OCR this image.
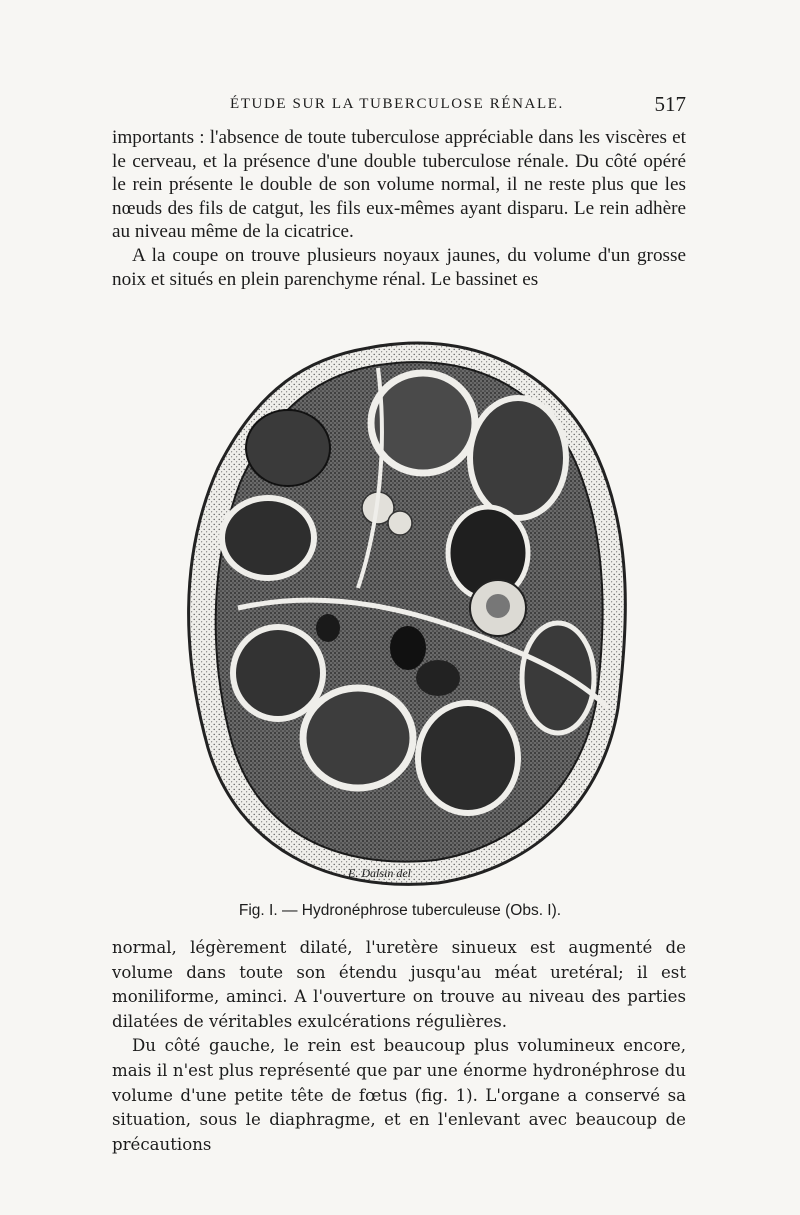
ÉTUDE SUR LA TUBERCULOSE RÉNALE.	517

importants : l'absence de toute tuberculose appréciable dans les viscères et le cerveau, et la présence d'une double tuberculose rénale. Du côté opéré le rein présente le double de son volume normal, il ne reste plus que les nœuds des fils de catgut, les fils eux-mêmes ayant disparu. Le rein adhère au niveau même de la cicatrice.

A la coupe on trouve plusieurs noyaux jaunes, du volume d'un grosse noix et situés en plein parenchyme rénal. Le bassinet es

E. Dalsin del
Fig. I. — Hydronéphrose tuberculeuse (Obs. I).

normal, légèrement dilaté, l'uretère sinueux est augmenté de volume dans toute son étendu jusqu'au méat uretéral; il est moniliforme, aminci. A l'ouverture on trouve au niveau des parties dilatées de véritables exulcérations régulières.

Du côté gauche, le rein est beaucoup plus volumineux encore, mais il n'est plus représenté que par une énorme hydronéphrose du volume d'une petite tête de fœtus (fig. 1). L'organe a conservé sa situation, sous le diaphragme, et en l'enlevant avec beaucoup de précautions
